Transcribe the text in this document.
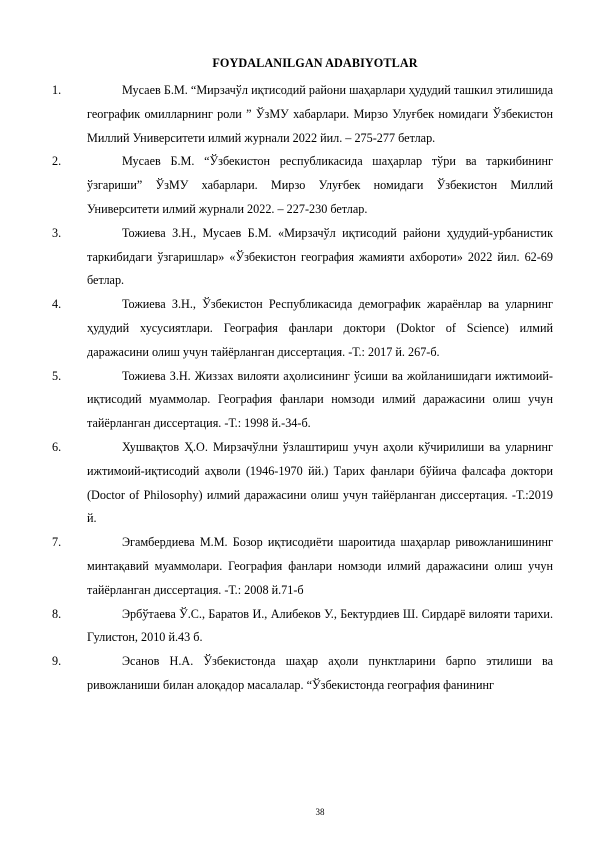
FOYDALANILGAN ADABIYOTLAR
1.	Мусаев Б.М. “Мирзачўл иқтисодий райони шаҳарлари ҳудудий ташкил этилишида географик омилларнинг роли ” ЎзМУ хабарлари. Мирзо Улуғбек номидаги Ўзбекистон Миллий Университети илмий журнали 2022 йил. – 275-277 бетлар.
2.	Мусаев Б.М. “Ўзбекистон республикасида шаҳарлар тўри ва таркибининг ўзгариши” ЎзМУ хабарлари. Мирзо Улуғбек номидаги Ўзбекистон Миллий Университети илмий журнали 2022. – 227-230 бетлар.
3.	Тожиева З.Н., Мусаев Б.М. «Мирзачўл иқтисодий райони ҳудудий-урбанистик таркибидаги ўзгаришлар» «Ўзбекистон география жамияти ахбороти» 2022 йил. 62-69 бетлар.
4.	Тожиева З.Н., Ўзбекистон Республикасида демографик жараёнлар ва уларнинг ҳудудий хусусиятлари. География фанлари доктори (Doktor of Science) илмий даражасини олиш учун тайёрланган диссертация. -Т.: 2017 й. 267-б.
5.	Тожиева З.Н. Жиззах вилояти аҳолисининг ўсиши ва жойланишидаги ижтимоий-иқтисодий муаммолар. География фанлари номзоди илмий даражасини олиш учун тайёрланган диссертация. -Т.: 1998 й.-34-б.
6.	Хушвақтов Ҳ.О. Мирзачўлни ўзлаштириш учун аҳоли кўчирилиши ва уларнинг ижтимоий-иқтисодий аҳволи (1946-1970 йй.) Тарих фанлари бўйича фалсафа доктори (Doctor of Philosophy) илмий даражасини олиш учун тайёрланган диссертация. -Т.:2019 й.
7.	Эгамбердиева М.М. Бозор иқтисодиёти шароитида шаҳарлар ривожланишининг минтақавий муаммолари. География фанлари номзоди илмий даражасини олиш учун тайёрланган диссертация. -Т.: 2008 й.71-б
8.	Эрбўтаева Ў.С., Баратов И., Алибеков У., Бектурдиев Ш. Сирдарё вилояти тарихи. Гулистон, 2010 й.43 б.
9.	Эсанов Н.А. Ўзбекистонда шаҳар аҳоли пунктларини барпо этилиши ва ривожланиши билан алоқадор масалалар. “Ўзбекистонда география фанининг
38
